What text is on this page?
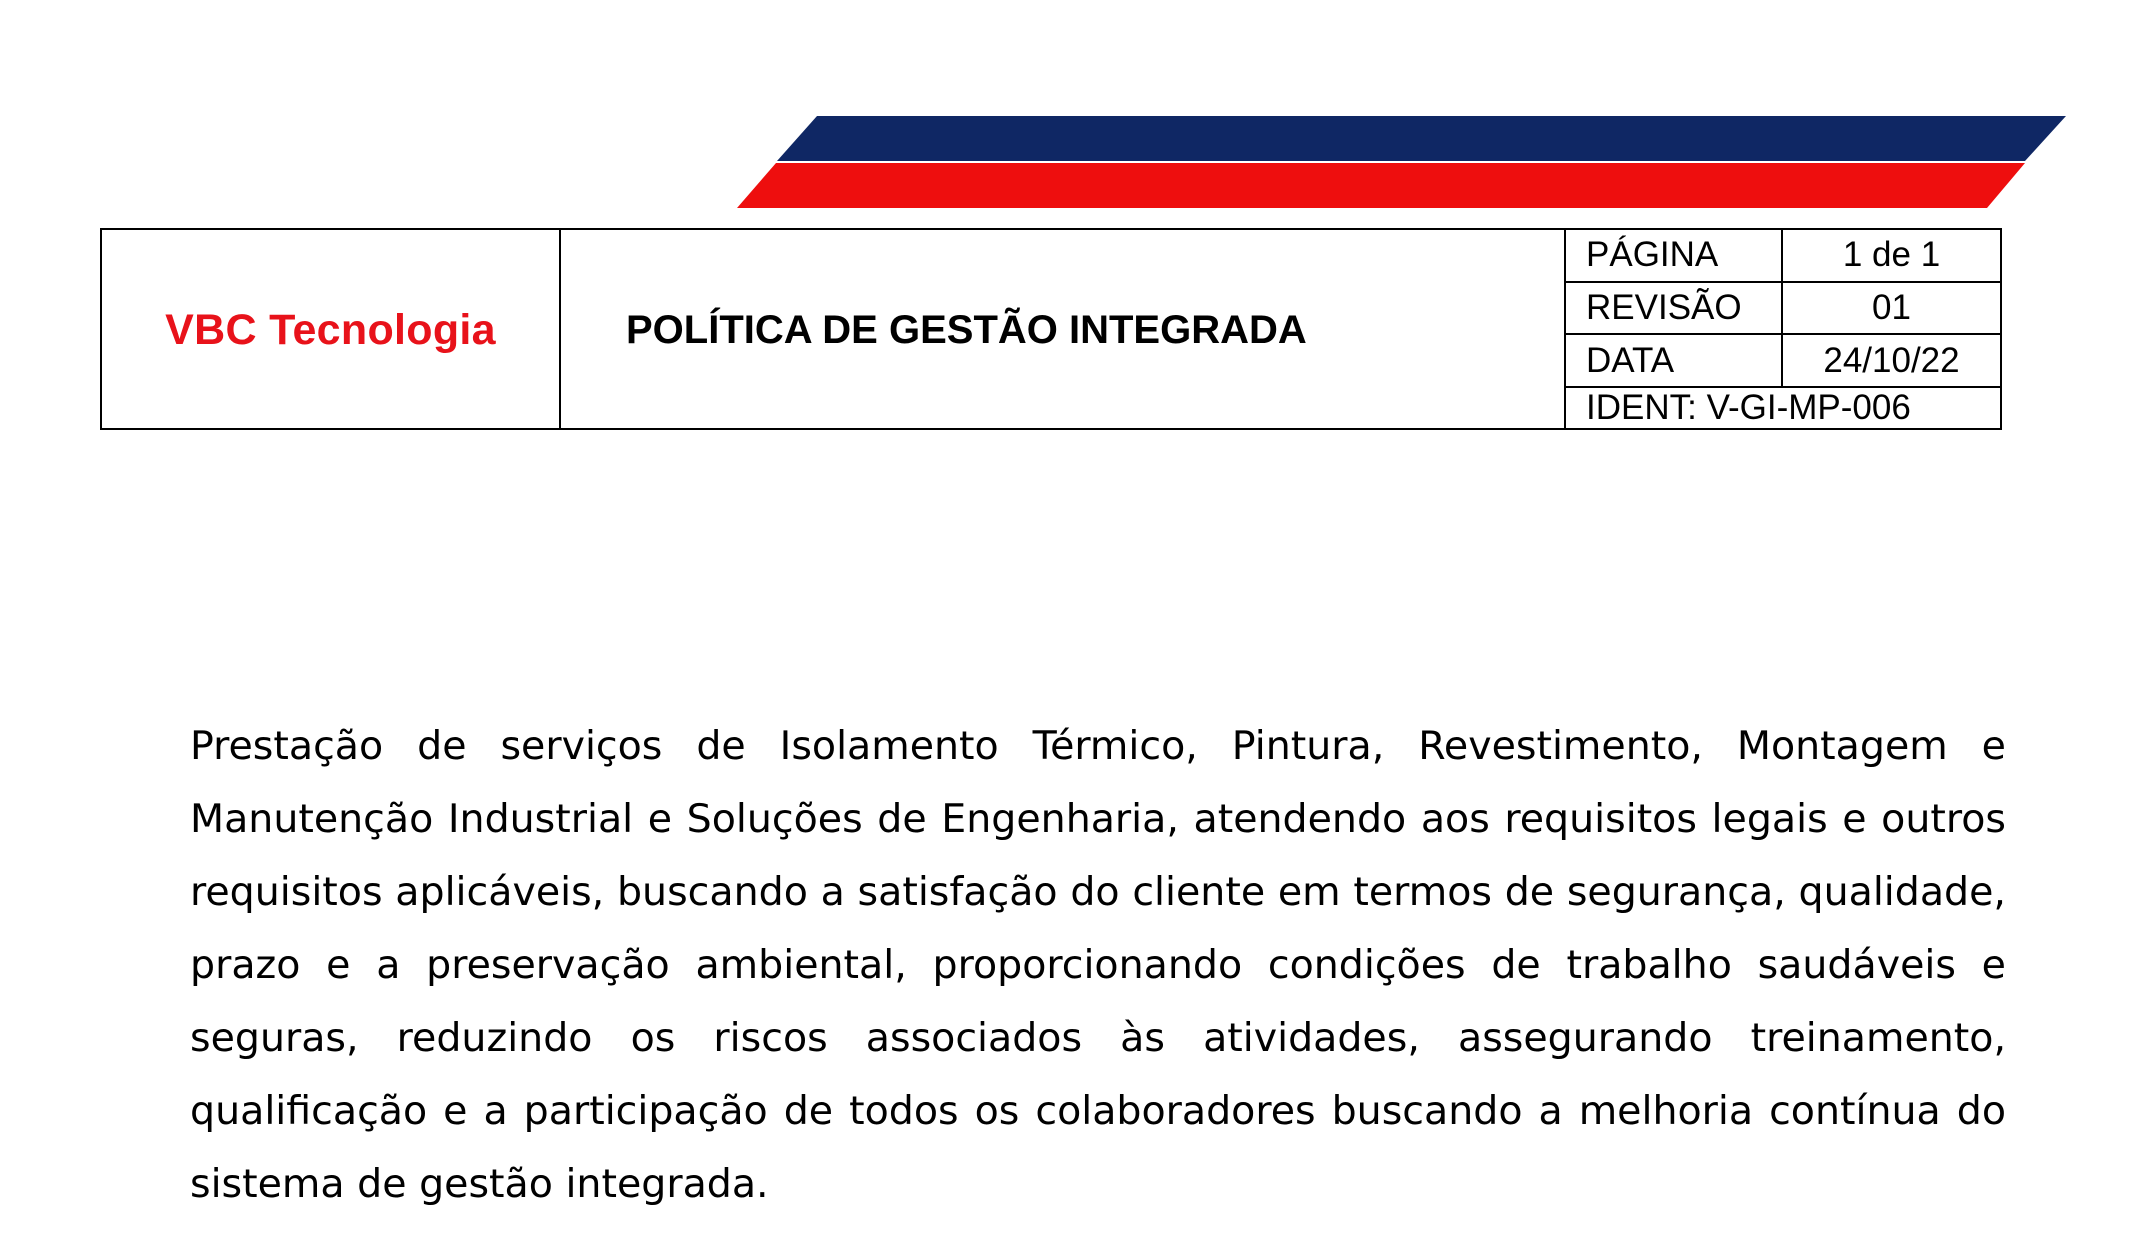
VBC Tecnologia	POLÍTICA DE GESTÃO INTEGRADA
PÁGINA	1 de 1
REVISÃO	01
DATA	24/10/22
IDENT: V-GI-MP-006

Prestação de serviços de Isolamento Térmico, Pintura, Revestimento, Montagem e Manutenção Industrial e Soluções de Engenharia, atendendo aos requisitos legais e outros requisitos aplicáveis, buscando a satisfação do cliente em termos de segurança, qualidade, prazo e a preservação ambiental, proporcionando condições de trabalho saudáveis e seguras, reduzindo os riscos associados às atividades, assegurando treinamento, qualificação e a participação de todos os colaboradores buscando a melhoria contínua do sistema de gestão integrada.
